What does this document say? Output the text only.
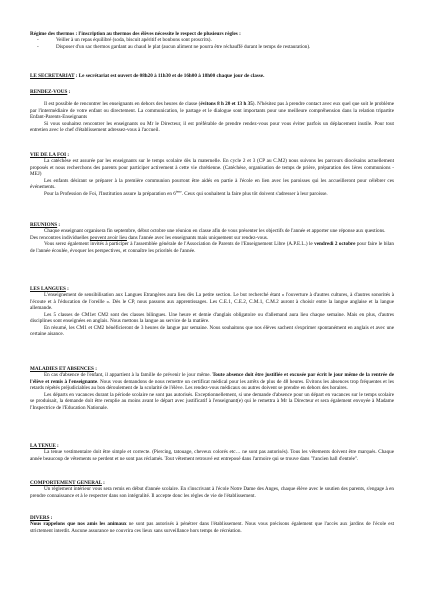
Régime des thermos : l'inscription au thermos des élèves nécessite le respect de plusieurs règles :

-	Veiller à un repas équilibré (soda, biscuit apéritif et bonbons sont proscrits).
-	Disposer d'un sac thermos gardant au chaud le plat (aucun aliment ne pourra être réchauffé durant le temps de restauration).

LE SECRETARIAT : Le secrétariat est ouvert de 08h20 à 11h30 et de 16h00 à 18h00 chaque jour de classe.

RENDEZ-VOUS :

Il est possible de rencontrer les enseignants en dehors des heures de classe (évitons 8 h 20 et 13 h 35). N'hésitez pas à prendre contact avec eux quel que soit le problème par l'intermédiaire de votre enfant ou directement. La communication, le partage et le dialogue sont importants pour une meilleure compréhension dans la relation tripartite Enfant-Parents-Enseignants

Si vous souhaitez rencontrer les enseignants ou Mr le Directeur, il est préférable de prendre rendez-vous pour vous éviter parfois un déplacement inutile. Pour tout entretien avec le chef d'établissement adressez-vous à l'accueil.

VIE DE LA FOI :

La catéchèse est assurée par les enseignants sur le temps scolaire dès la maternelle. En cycle 2 et 3 (CP au C.M2) nous suivons les parcours diocésains actuellement proposés et nous recherchons des parents pour participer activement à cette vie chrétienne. (Catéchèse, organisation de temps de prière, préparation des 1ères communions - MEJ)

Les enfants désirant se préparer à la première communion pourront être aidés en partie à l'école en lien avec les paroisses qui les accueilleront pour célébrer ces événements.

Pour la Profession de Foi, l'Institution assure la préparation en 6ème. Ceux qui souhaitent la faire plus tôt doivent s'adresser à leur paroisse.

REUNIONS :

Chaque enseignant organisera fin septembre, début octobre une réunion en classe afin de vous présenter les objectifs de l'année et apporter une réponse aux questions.

Des rencontres individuelles peuvent avoir lieu dans l'année avec les enseignants mais uniquement sur rendez-vous.

Vous serez également invités à participer à l'assemblée générale de l'Association de Parents de l'Enseignement Libre (A.P.E.L.) le vendredi 2 octobre pour faire le bilan de l'année écoulée, évoquer les perspectives, et connaître les priorités de l'année.

LES LANGUES :

L'enseignement de sensibilisation aux Langues Etrangères aura lieu dès La petite section. Le but recherché étant « l'ouverture à d'autres cultures, à d'autres sonorités à l'écoute et à l'éducation de l'oreille ». Dès le CP, nous passons aux apprentissages. Les C.E.1, C.E.2, C.M.1, C.M.2 auront à choisir entre la langue anglaise et la langue allemande.

Les 5 classes de CM1et CM2 sont des classes bilingues. Une heure et demie d'anglais obligatoire ou d'allemand aura lieu chaque semaine. Mais en plus, d'autres disciplines sont enseignées en anglais. Nous mettons la langue au service de la matière.

En résumé, les CM1 et CM2 bénéficieront de 3 heures de langue par semaine. Nous souhaitons que nos élèves sachent s'exprimer spontanément en anglais et avec une certaine aisance.

MALADIES ET ABSENCES :

En cas d'absence de l'enfant, il appartient à la famille de prévenir le jour même. Toute absence doit être justifiée et excusée par écrit le jour même de la rentrée de l'élève et remis à l'enseignante. Nous vous demandons de nous remettre un certificat médical pour les arrêts de plus de 48 heures. Evitons les absences trop fréquentes et les retards répétés préjudiciables au bon déroulement de la scolarité de l'élève. Les rendez-vous médicaux ou autres doivent se prendre en dehors des horaires.

Les départs en vacances durant la période scolaire ne sont pas autorisés. Exceptionnellement, si une demande d'absence pour un départ en vacances sur le temps scolaire se produisait, la demande doit être remplie au moins avant le départ avec justificatif à l'enseignant(e) qui le remettra à Mr la Directeur et sera également envoyée à Madame l'Inspectrice de l'Education Nationale.

LA TENUE :

La tenue vestimentaire doit être simple et correcte. (Piercing, tatouage, cheveux colorés etc… ne sont pas autorisés). Tous les vêtements doivent être marqués. Chaque année beaucoup de vêtements se perdent et ne sont pas réclamés. Tout vêtement retrouvé est entreposé dans l'armoire qui se trouve dans "l'ancien hall d'entrée".

COMPORTEMENT GENERAL :

Un règlement intérieur vous sera remis en début d'année scolaire. En s'inscrivant à l'école Notre Dame des Anges, chaque élève avec le soutien des parents, s'engage à en prendre connaissance et à le respecter dans son intégralité. Il accepte donc les règles de vie de l'établissement.

DIVERS :

Nous rappelons que nos amis les animaux ne sont pas autorisés à pénétrer dans l'établissement. Nous vous précisons également que l'accès aux jardins de l'école est strictement interdit. Aucune assurance ne couvrira ces lieux sans surveillance hors temps de récréation.
